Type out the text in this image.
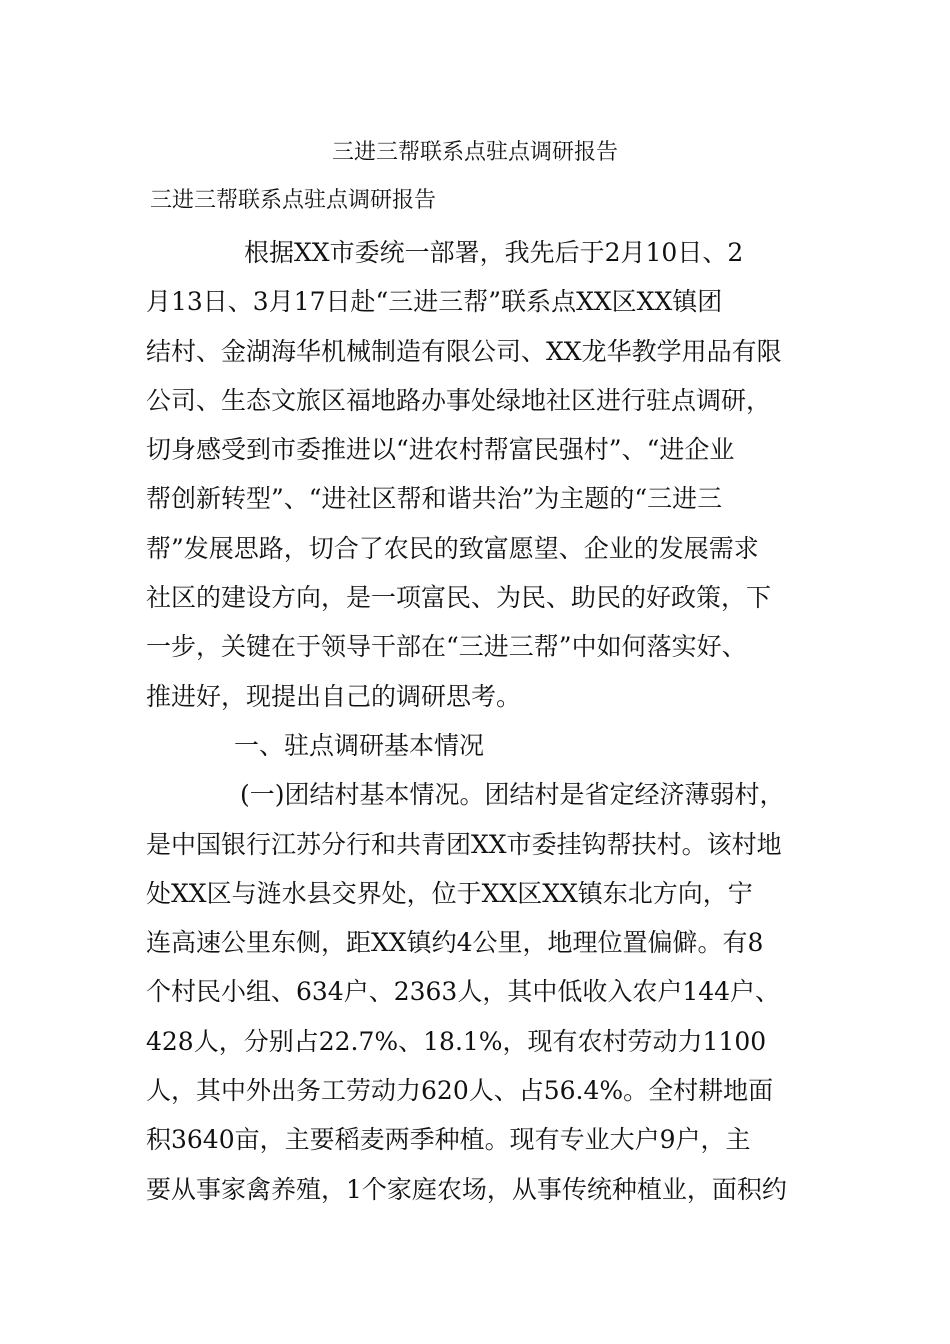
三进三帮联系点驻点调研报告

三进三帮联系点驻点调研报告

根据XX市委统一部署，我先后于2月10日、2

月13日、3月17日赴“三进三帮”联系点XX区XX镇团

结村、金湖海华机械制造有限公司、XX龙华教学用品有限

公司、生态文旅区福地路办事处绿地社区进行驻点调研，

切身感受到市委推进以“进农村帮富民强村”、“进企业

帮创新转型”、“进社区帮和谐共治”为主题的“三进三

帮”发展思路，切合了农民的致富愿望、企业的发展需求

社区的建设方向，是一项富民、为民、助民的好政策，下

一步，关键在于领导干部在“三进三帮”中如何落实好、

推进好，现提出自己的调研思考。

一、驻点调研基本情况

(一)团结村基本情况。团结村是省定经济薄弱村，

是中国银行江苏分行和共青团XX市委挂钩帮扶村。该村地

处XX区与涟水县交界处，位于XX区XX镇东北方向，宁

连高速公里东侧，距XX镇约4公里，地理位置偏僻。有8

个村民小组、634户、2363人，其中低收入农户144户、

428人，分别占22.7%、18.1%，现有农村劳动力1100

人，其中外出务工劳动力620人、占56.4%。全村耕地面

积3640亩，主要稻麦两季种植。现有专业大户9户，主

要从事家禽养殖，1个家庭农场，从事传统种植业，面积约
